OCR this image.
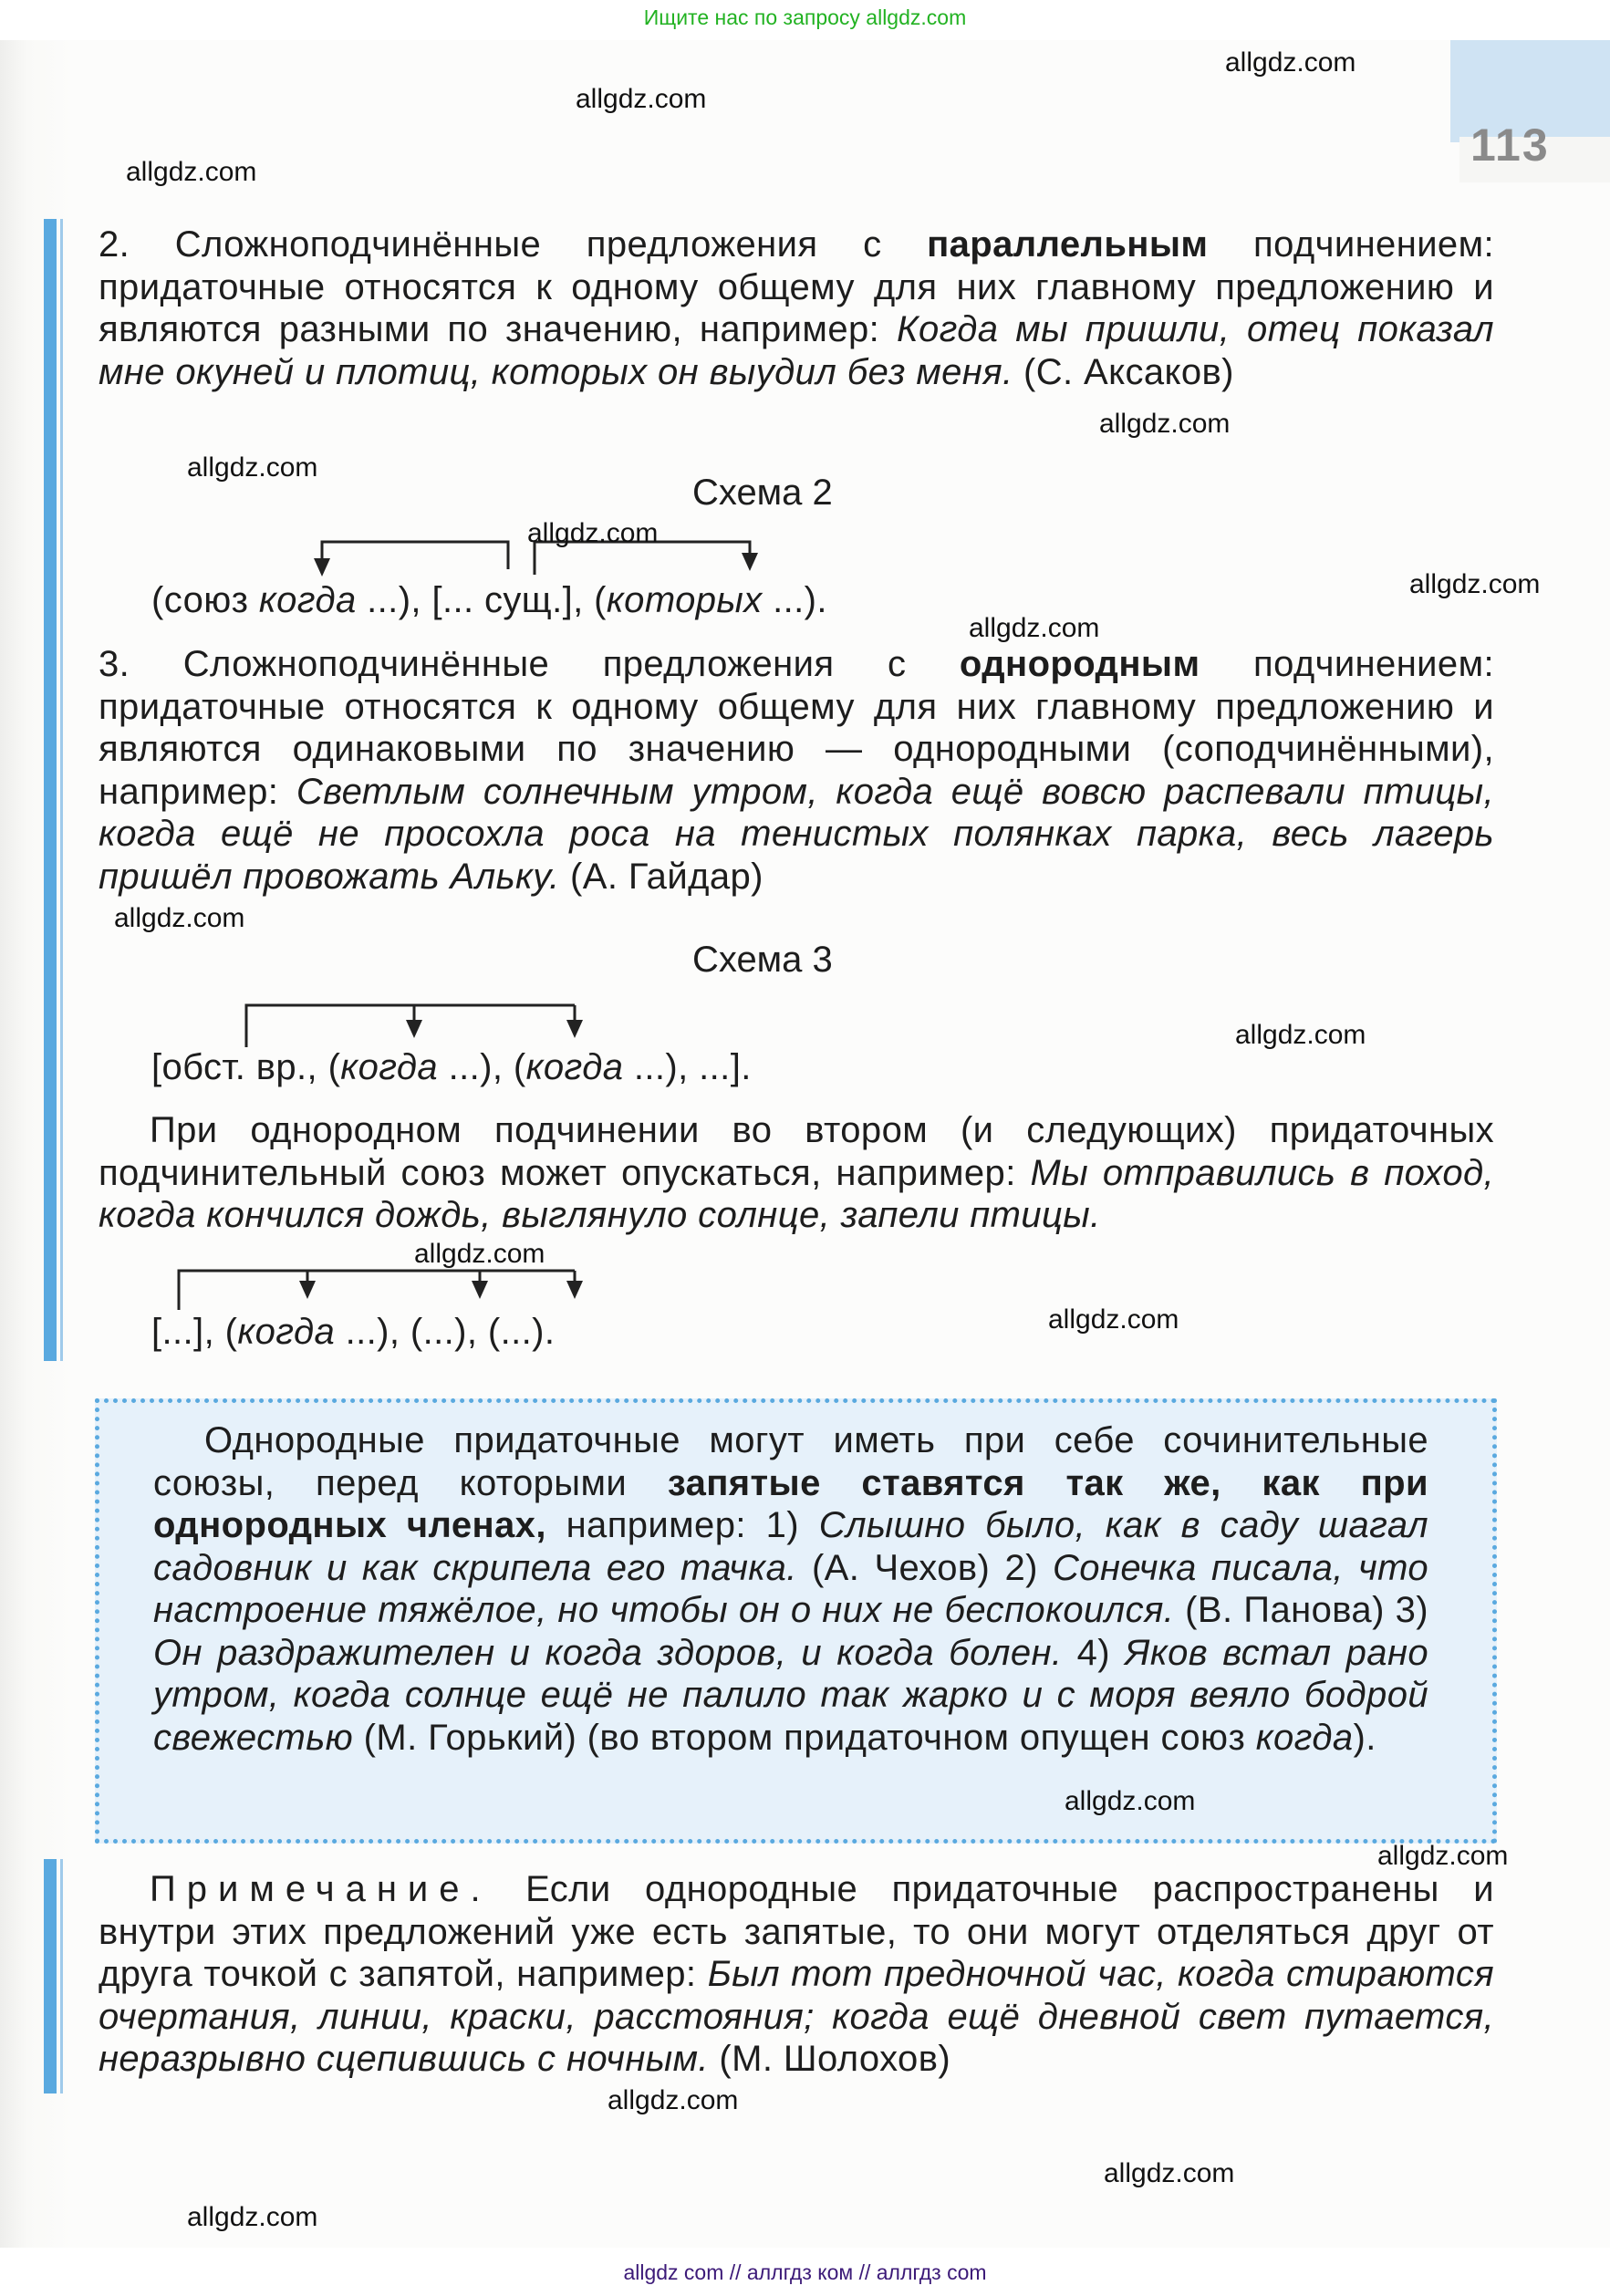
Ищите нас по запросу allgdz.com
113
2. Сложноподчинённые предложения с параллельным подчинением: придаточные относятся к одному общему для них главному предложению и являются разными по значению, например: Когда мы пришли, отец показал мне окуней и плотиц, которых он выудил без меня. (С. Аксаков)
Схема 2
(союз когда ...), [... сущ.], (которых ...).
3. Сложноподчинённые предложения с однородным подчинением: придаточные относятся к одному общему для них главному предложению и являются одинаковыми по значению — однородными (соподчинёнными), например: Светлым солнечным утром, когда ещё вовсю распевали птицы, когда ещё не просохла роса на тенистых полянках парка, весь лагерь пришёл провожать Альку. (А. Гайдар)
Схема 3
[обст. вр., (когда ...), (когда ...), ...].
При однородном подчинении во втором (и следующих) придаточных подчинительный союз может опускаться, например: Мы отправились в поход, когда кончился дождь, выглянуло солнце, запели птицы.
[...], (когда ...), (...), (...).
Однородные придаточные могут иметь при себе сочинительные союзы, перед которыми запятые ставятся так же, как при однородных членах, например: 1) Слышно было, как в саду шагал садовник и как скрипела его тачка. (А. Чехов) 2) Сонечка писала, что настроение тяжёлое, но чтобы он о них не беспокоился. (В. Панова) 3) Он раздражителен и когда здоров, и когда болен. 4) Яков встал рано утром, когда солнце ещё не палило так жарко и с моря веяло бодрой свежестью (М. Горький) (во втором придаточном опущен союз когда).
Примечание. Если однородные придаточные распространены и внутри этих предложений уже есть запятые, то они могут отделяться друг от друга точкой с запятой, например: Был тот предночной час, когда стираются очертания, линии, краски, расстояния; когда ещё дневной свет путается, неразрывно сцепившись с ночным. (М. Шолохов)
allgdz.com
allgdz.com
allgdz.com
allgdz.com
allgdz.com
allgdz.com
allgdz.com
allgdz.com
allgdz.com
allgdz.com
allgdz.com
allgdz.com
allgdz.com
allgdz.com
allgdz.com
allgdz.com
allgdz.com
allgdz com // аллгдз ком // аллгдз com
